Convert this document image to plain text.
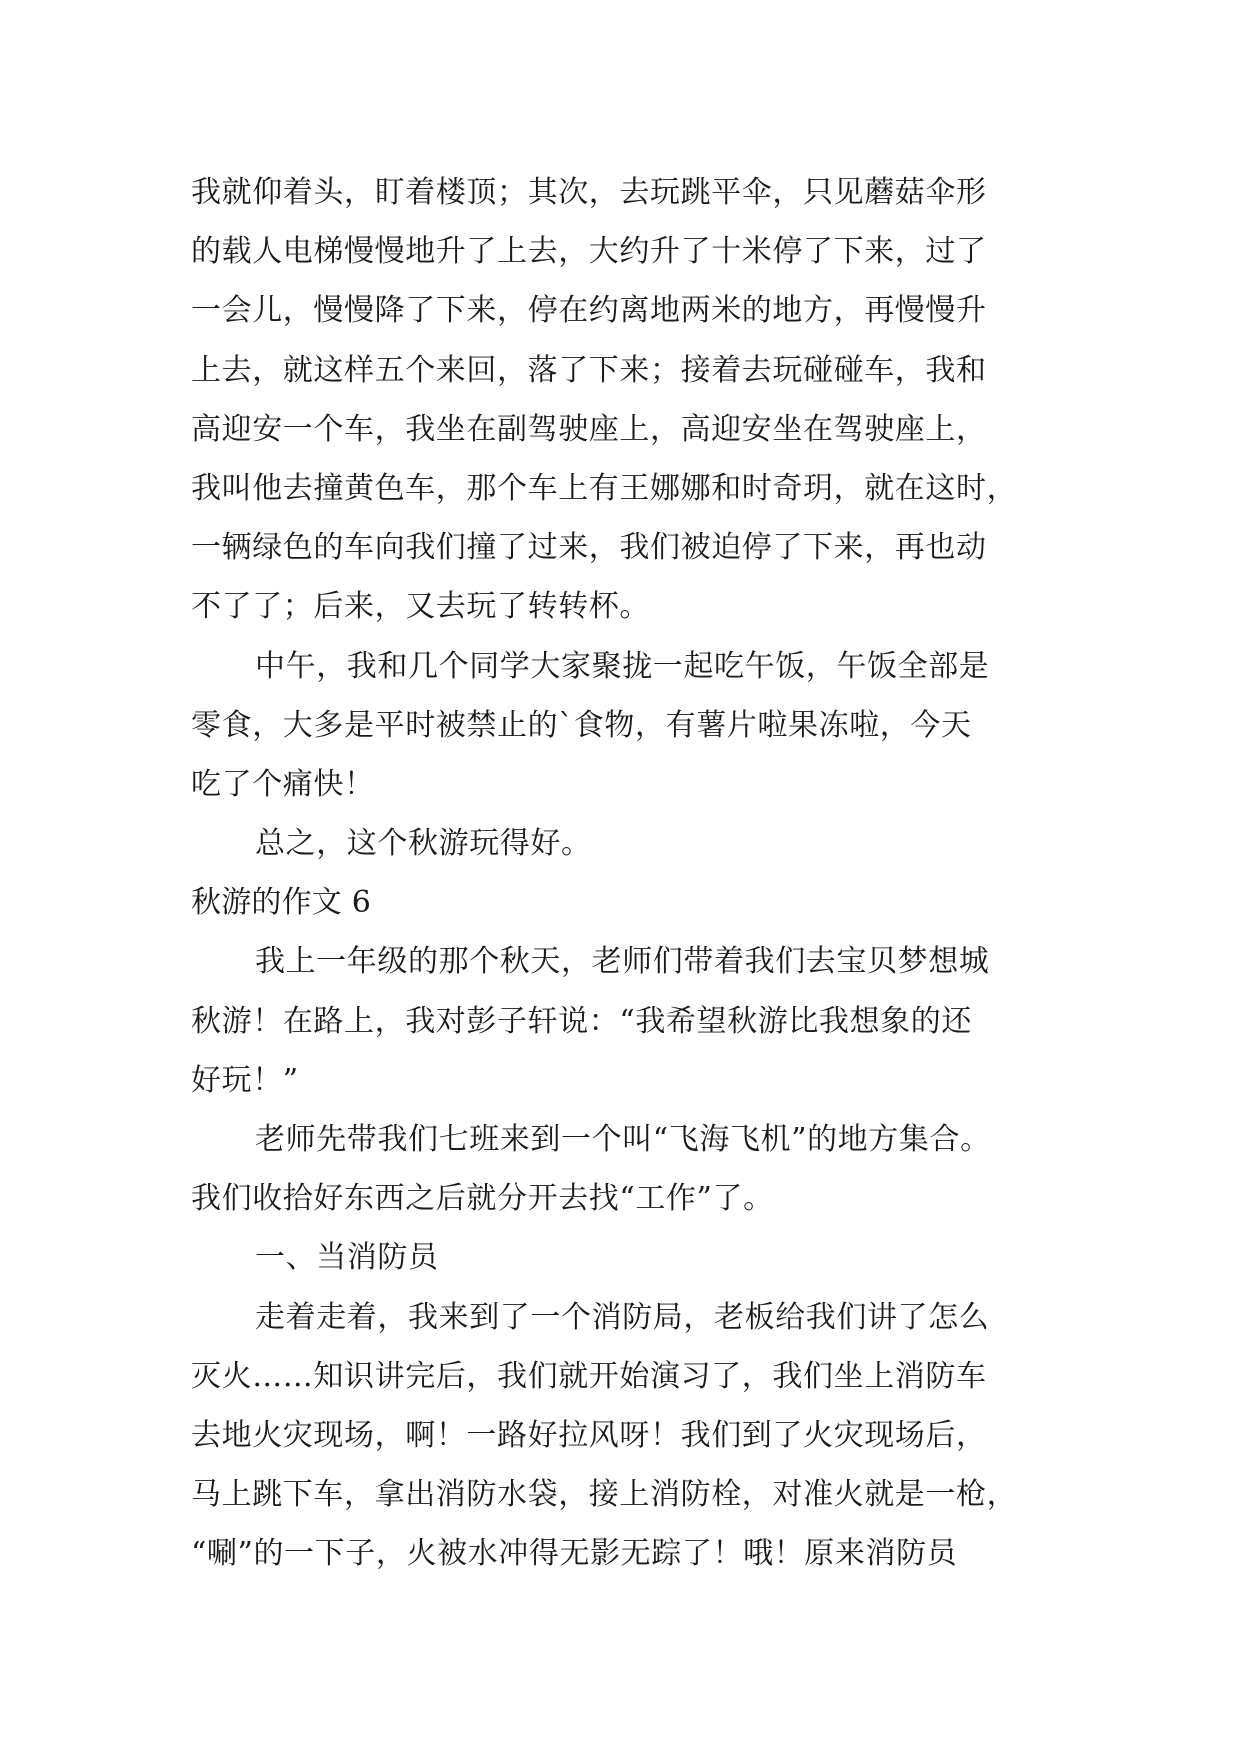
我就仰着头，盯着楼顶；其次，去玩跳平伞，只见蘑菇伞形
的载人电梯慢慢地升了上去，大约升了十米停了下来，过了
一会儿，慢慢降了下来，停在约离地两米的地方，再慢慢升
上去，就这样五个来回，落了下来；接着去玩碰碰车，我和
高迎安一个车，我坐在副驾驶座上，高迎安坐在驾驶座上，
我叫他去撞黄色车，那个车上有王娜娜和时奇玥，就在这时，
一辆绿色的车向我们撞了过来，我们被迫停了下来，再也动
不了了；后来，又去玩了转转杯。
中午，我和几个同学大家聚拢一起吃午饭，午饭全部是
零食，大多是平时被禁止的`食物，有薯片啦果冻啦，今天
吃了个痛快！
总之，这个秋游玩得好。
秋游的作文 6
我上一年级的那个秋天，老师们带着我们去宝贝梦想城
秋游！在路上，我对彭子轩说：“我希望秋游比我想象的还
好玩！”
老师先带我们七班来到一个叫“飞海飞机”的地方集合。
我们收拾好东西之后就分开去找“工作”了。
一、当消防员
走着走着，我来到了一个消防局，老板给我们讲了怎么
灭火……知识讲完后，我们就开始演习了，我们坐上消防车
去地火灾现场，啊！一路好拉风呀！我们到了火灾现场后，
马上跳下车，拿出消防水袋，接上消防栓，对准火就是一枪，
“唰”的一下子，火被水冲得无影无踪了！哦！原来消防员
